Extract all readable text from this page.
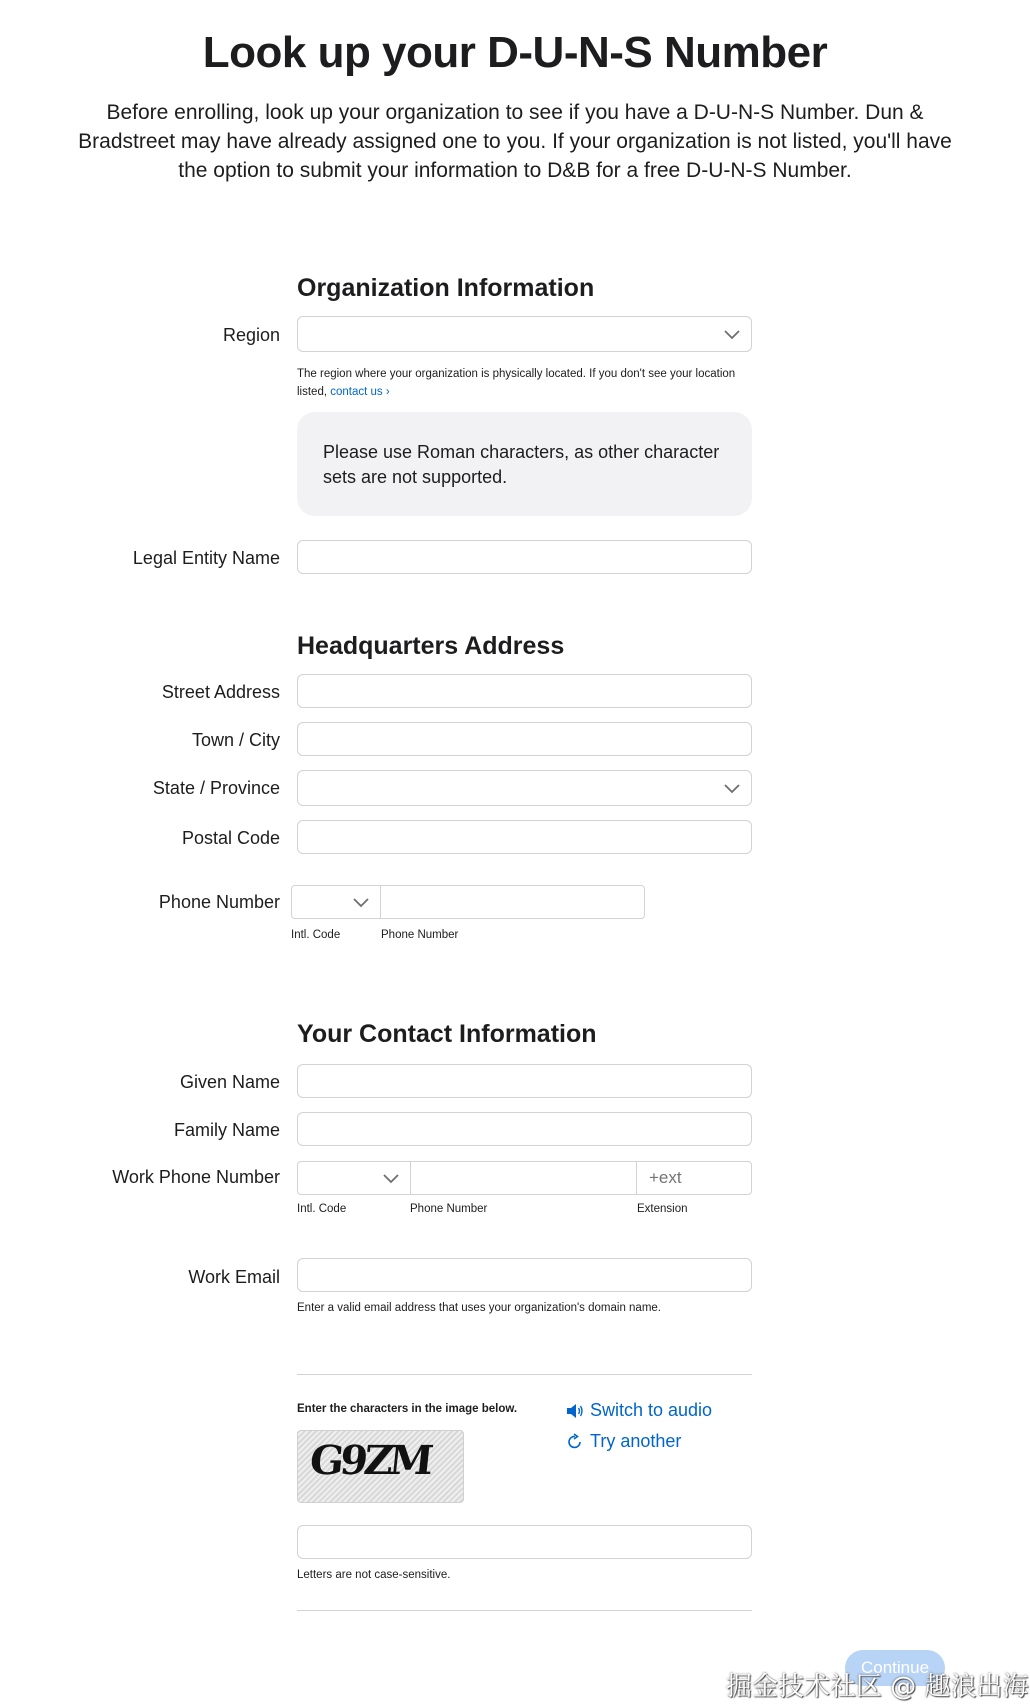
Look up your D-U-N-S Number
Before enrolling, look up your organization to see if you have a D-U-N-S Number. Dun & Bradstreet may have already assigned one to you. If your organization is not listed, you'll have the option to submit your information to D&B for a free D-U-N-S Number.
Organization Information
Region
The region where your organization is physically located. If you don't see your location listed, contact us ›
Please use Roman characters, as other character sets are not supported.
Legal Entity Name
Headquarters Address
Street Address
Town / City
State / Province
Postal Code
Phone Number
Intl. Code	Phone Number
Your Contact Information
Given Name
Family Name
Work Phone Number
+ext
Intl. Code	Phone Number	Extension
Work Email
Enter a valid email address that uses your organization's domain name.
Enter the characters in the image below.	Switch to audio
Try another
G9ZM
Letters are not case-sensitive.
Continue
掘金技术社区 @ 趣浪出海
